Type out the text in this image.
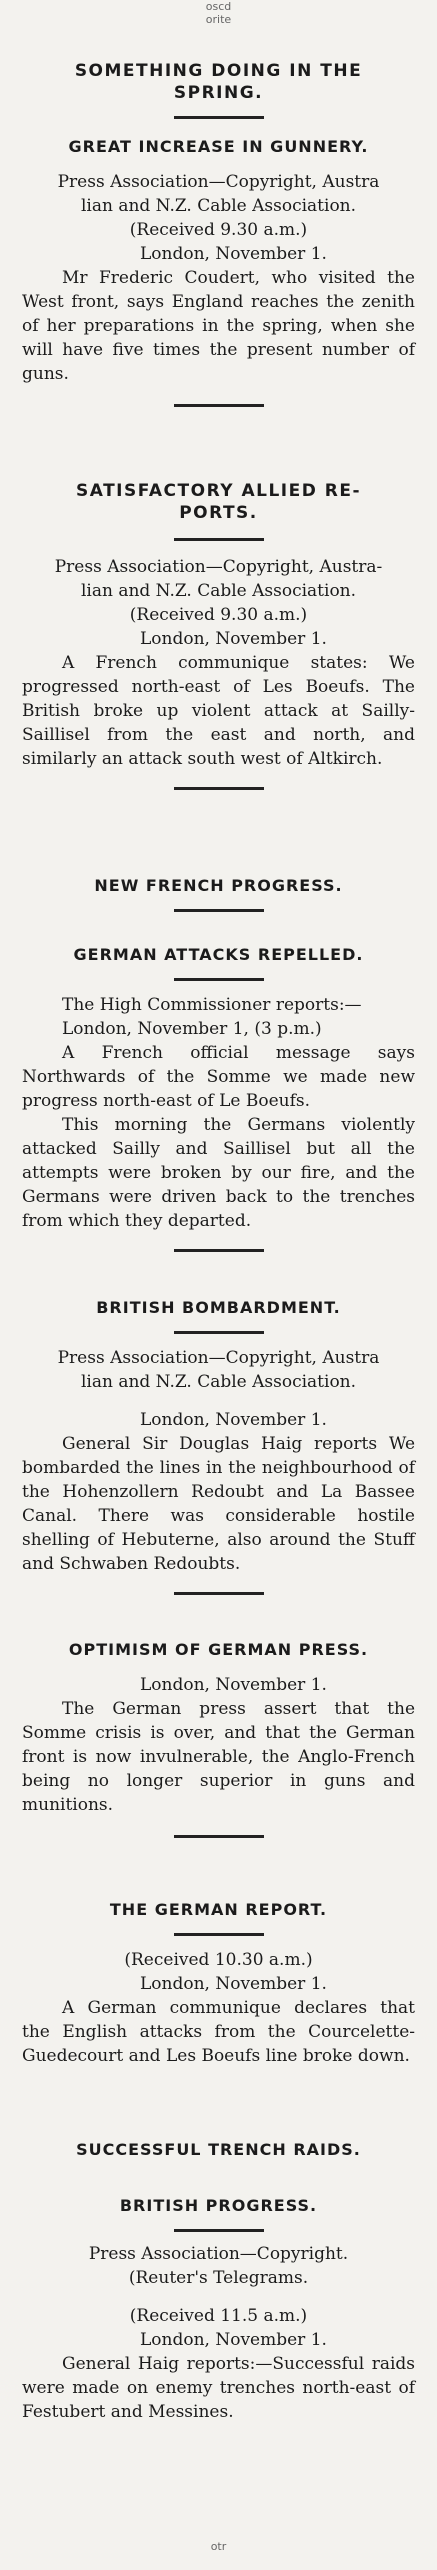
oscd
orite

SOMETHING DOING IN THE

SPRING.

GREAT INCREASE IN GUNNERY.

Press Association—Copyright, Austra

lian and N.Z. Cable Association.

(Received 9.30 a.m.)

London, November 1.

Mr Frederic Coudert, who visited the West front, says England reaches the zenith of her preparations in the spring, when she will have five times the present number of guns.

SATISFACTORY ALLIED RE-

PORTS.

Press Association—Copyright, Austra-

lian and N.Z. Cable Association.

(Received 9.30 a.m.)

London, November 1.

A French communique states: We progressed north-east of Les Boeufs. The British broke up violent attack at Sailly-Saillisel from the east and north, and similarly an attack south west of Altkirch.

NEW FRENCH PROGRESS.

GERMAN ATTACKS REPELLED.

The High Commissioner reports:—

London, November 1, (3 p.m.)

A French official message says Northwards of the Somme we made new progress north-east of Le Boeufs.

This morning the Germans violently attacked Sailly and Saillisel but all the attempts were broken by our fire, and the Germans were driven back to the trenches from which they departed.

BRITISH BOMBARDMENT.

Press Association—Copyright, Austra

lian and N.Z. Cable Association.

London, November 1.

General Sir Douglas Haig reports We bombarded the lines in the neighbourhood of the Hohenzollern Redoubt and La Bassee Canal. There was considerable hostile shelling of Hebuterne, also around the Stuff and Schwaben Redoubts.

OPTIMISM OF GERMAN PRESS.

London, November 1.

The German press assert that the Somme crisis is over, and that the German front is now invulnerable, the Anglo-French being no longer superior in guns and munitions.

THE GERMAN REPORT.

(Received 10.30 a.m.)

London, November 1.

A German communique declares that the English attacks from the Courcelette-Guedecourt and Les Boeufs line broke down.

SUCCESSFUL TRENCH RAIDS.

BRITISH PROGRESS.

Press Association—Copyright.

(Reuter's Telegrams.

(Received 11.5 a.m.)

London, November 1.

General Haig reports:—Successful raids were made on enemy trenches north-east of Festubert and Messines.

otr
